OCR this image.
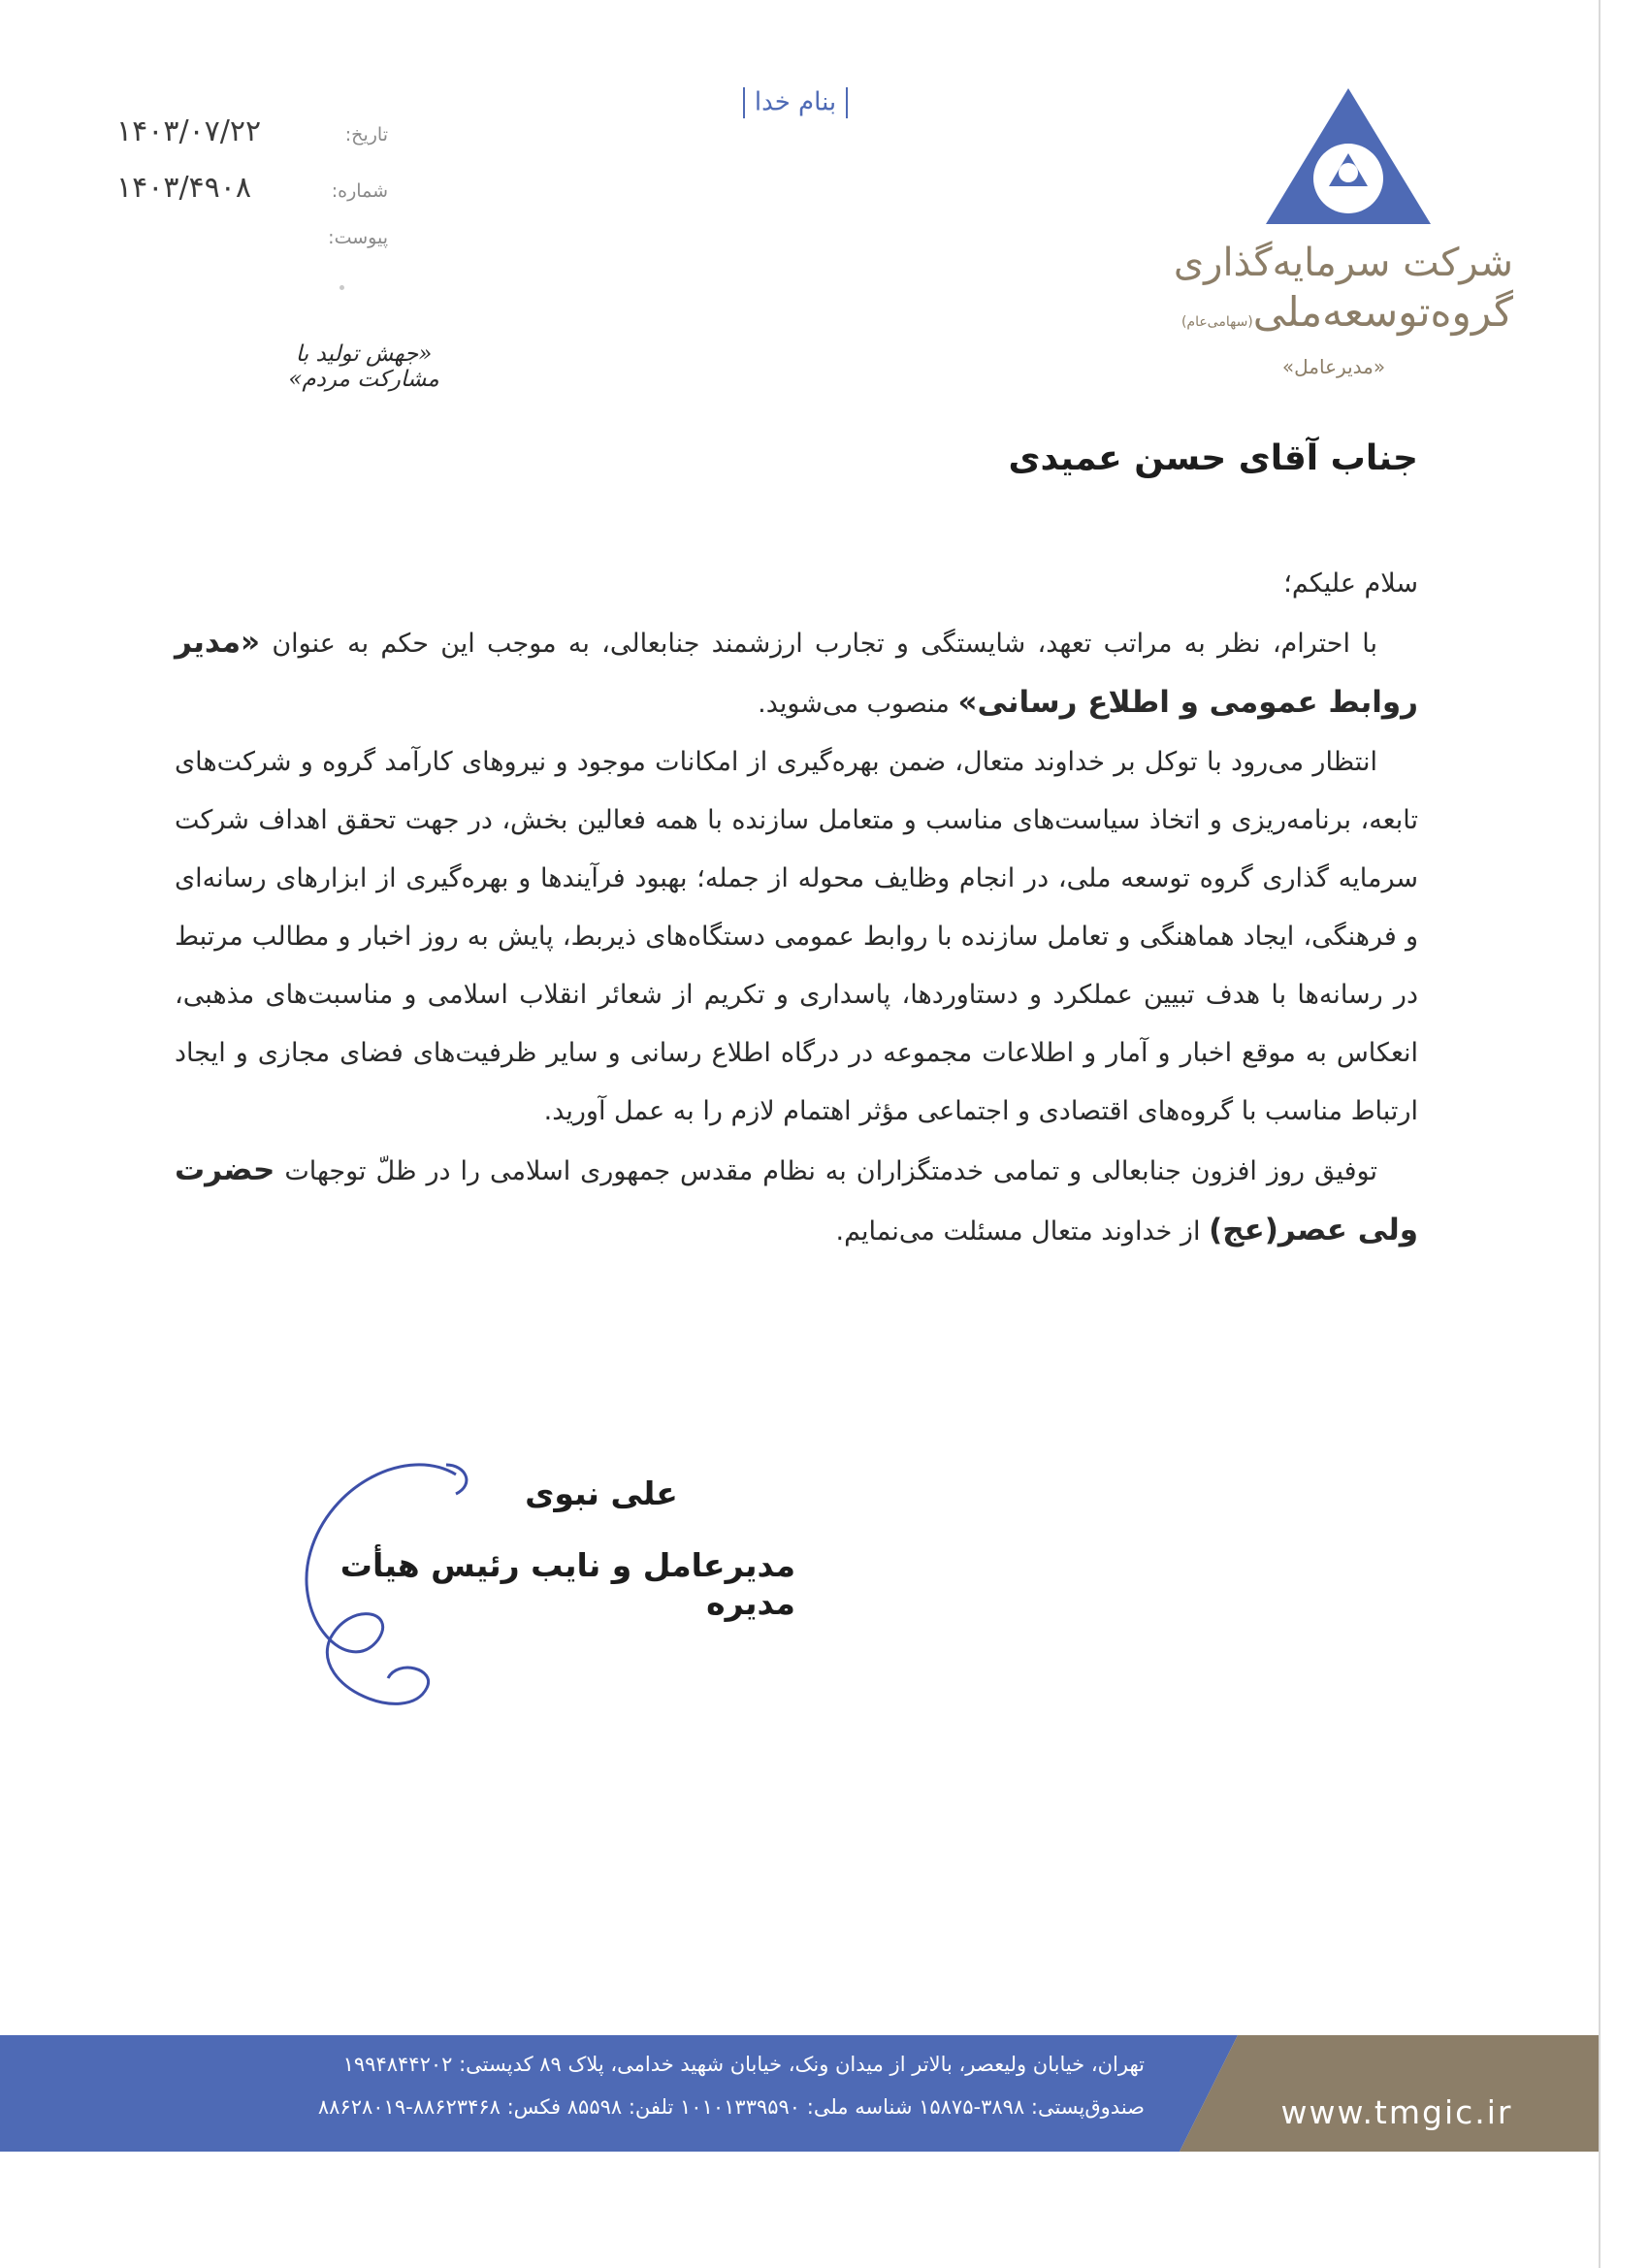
بنام خدا
شرکت سرمایه‌گذاری
گروه‌توسعه‌ملی(سهامی‌عام)
«مدیرعامل»
تاریخ:
۱۴۰۳/۰۷/۲۲
شماره:
۱۴۰۳/۴۹۰۸
پیوست:
«جهش تولید با مشارکت مردم»
جناب آقای حسن عمیدی

سلام علیکم؛

با احترام، نظر به مراتب تعهد، شایستگی و تجارب ارزشمند جنابعالی، به موجب این حکم به عنوان «مدیر روابط عمومی و اطلاع رسانی» منصوب می‌شوید.

انتظار می‌رود با توکل بر خداوند متعال، ضمن بهره‌گیری از امکانات موجود و نیروهای کارآمد گروه و شرکت‌های تابعه، برنامه‌ریزی و اتخاذ سیاست‌های مناسب و متعامل سازنده با همه فعالین بخش، در جهت تحقق اهداف شرکت سرمایه گذاری گروه توسعه ملی، در انجام وظایف محوله از جمله؛ بهبود فرآیندها و بهره‌گیری از ابزارهای رسانه‌ای و فرهنگی، ایجاد هماهنگی و تعامل سازنده با روابط عمومی دستگاه‌های ذیربط، پایش به روز اخبار و مطالب مرتبط در رسانه‌ها با هدف تبیین عملکرد و دستاوردها، پاسداری و تکریم از شعائر انقلاب اسلامی و مناسبت‌های مذهبی، انعکاس به موقع اخبار و آمار و اطلاعات مجموعه در درگاه اطلاع رسانی و سایر ظرفیت‌های فضای مجازی و ایجاد ارتباط مناسب با گروه‌های اقتصادی و اجتماعی مؤثر اهتمام لازم را به عمل آورید.

توفیق روز افزون جنابعالی و تمامی خدمتگزاران به نظام مقدس جمهوری اسلامی را در ظلّ توجهات حضرت ولی عصر(عج) از خداوند متعال مسئلت می‌نمایم.

علی نبوی
مدیرعامل و نایب رئیس هیأت مدیره
تهران، خیابان ولیعصر، بالاتر از میدان ونک، خیابان شهید خدامی، پلاک ۸۹ کدپستی: ۱۹۹۴۸۴۴۲۰۲
صندوق‌پستی: ۳۸۹۸-۱۵۸۷۵ شناسه ملی: ۱۰۱۰۱۳۳۹۵۹۰ تلفن: ۸۵۵۹۸ فکس: ۸۸۶۲۳۴۶۸-۸۸۶۲۸۰۱۹	www.tmgic.ir
